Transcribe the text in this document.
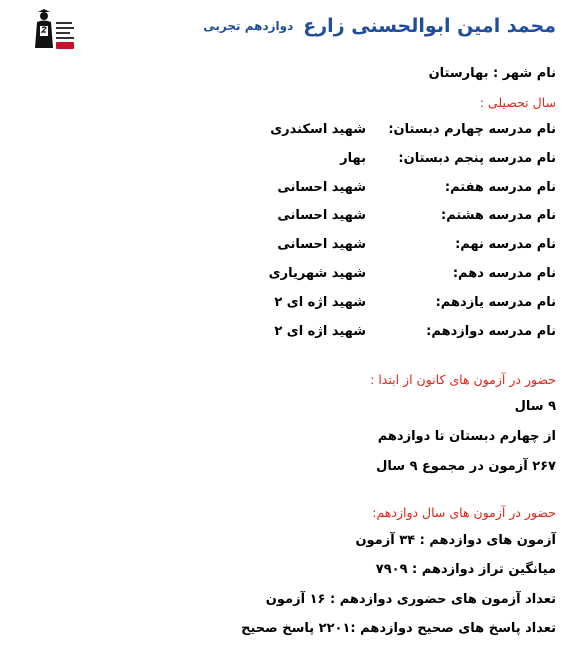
محمد امین ابوالحسنی زارع
دوازدهم تجربی
نام شهر : بهارستان
سال تحصیلی :
نام مدرسه چهارم دبستان:
شهید اسکندری
نام مدرسه پنجم دبستان:
بهار
نام مدرسه هفتم:
شهید احسانی
نام مدرسه هشتم:
شهید احسانی
نام مدرسه نهم:
شهید احسانی
نام مدرسه دهم:
شهید شهریاری
نام مدرسه یازدهم:
شهید اژه ای ۲
نام مدرسه دوازدهم:
شهید اژه ای ۲
حضور در آزمون های کانون از ابتدا :
۹ سال
از چهارم دبستان تا دوازدهم
۲۶۷ آزمون در مجموع ۹ سال
حضور در آزمون های سال دوازدهم:
آزمون های دوازدهم : ۳۴ آزمون
میانگین تراز دوازدهم : ۷۹۰۹
تعداد آزمون های حضوری دوازدهم : ۱۶ آزمون
تعداد پاسخ های صحیح دوازدهم :۲۲۰۱ پاسخ صحیح
